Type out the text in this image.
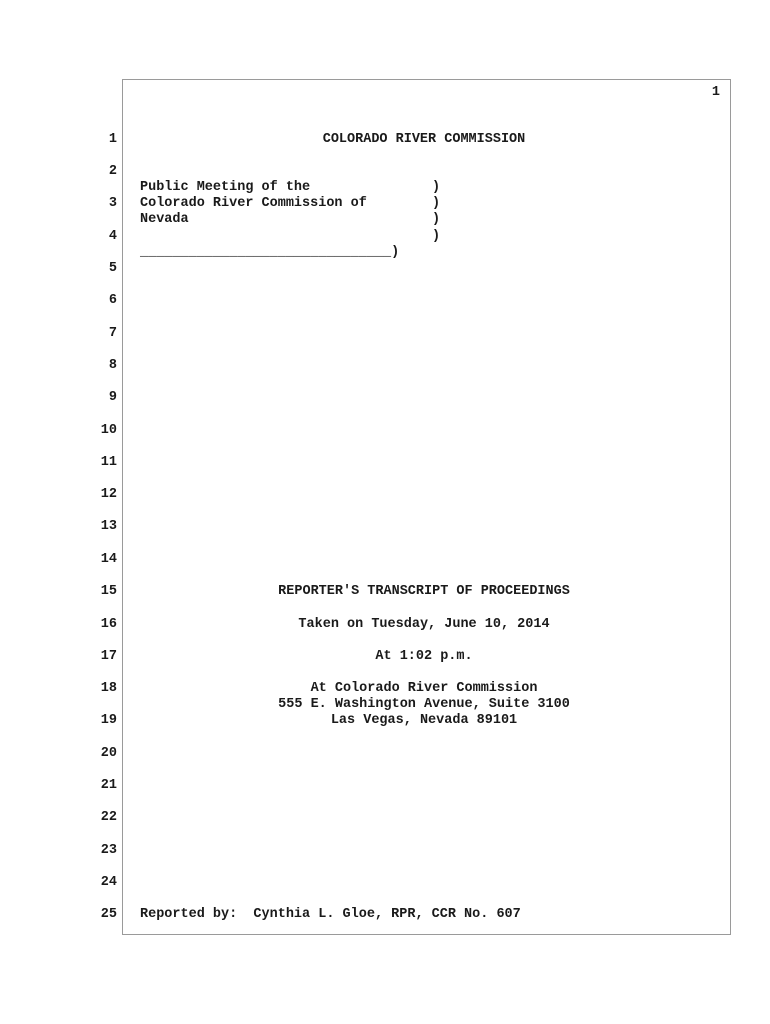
1
1
2
3
4
5
6
7
8
9
10
11
12
13
14
15
16
17
18
19
20
21
22
23
24
25
COLORADO RIVER COMMISSION
Public Meeting of the
Colorado River Commission of
Nevada
)
)
)
)
_______________________________)
REPORTER'S TRANSCRIPT OF PROCEEDINGS
Taken on Tuesday, June 10, 2014
At 1:02 p.m.
At Colorado River Commission
555 E. Washington Avenue, Suite 3100
Las Vegas, Nevada 89101
Reported by:  Cynthia L. Gloe, RPR, CCR No. 607
